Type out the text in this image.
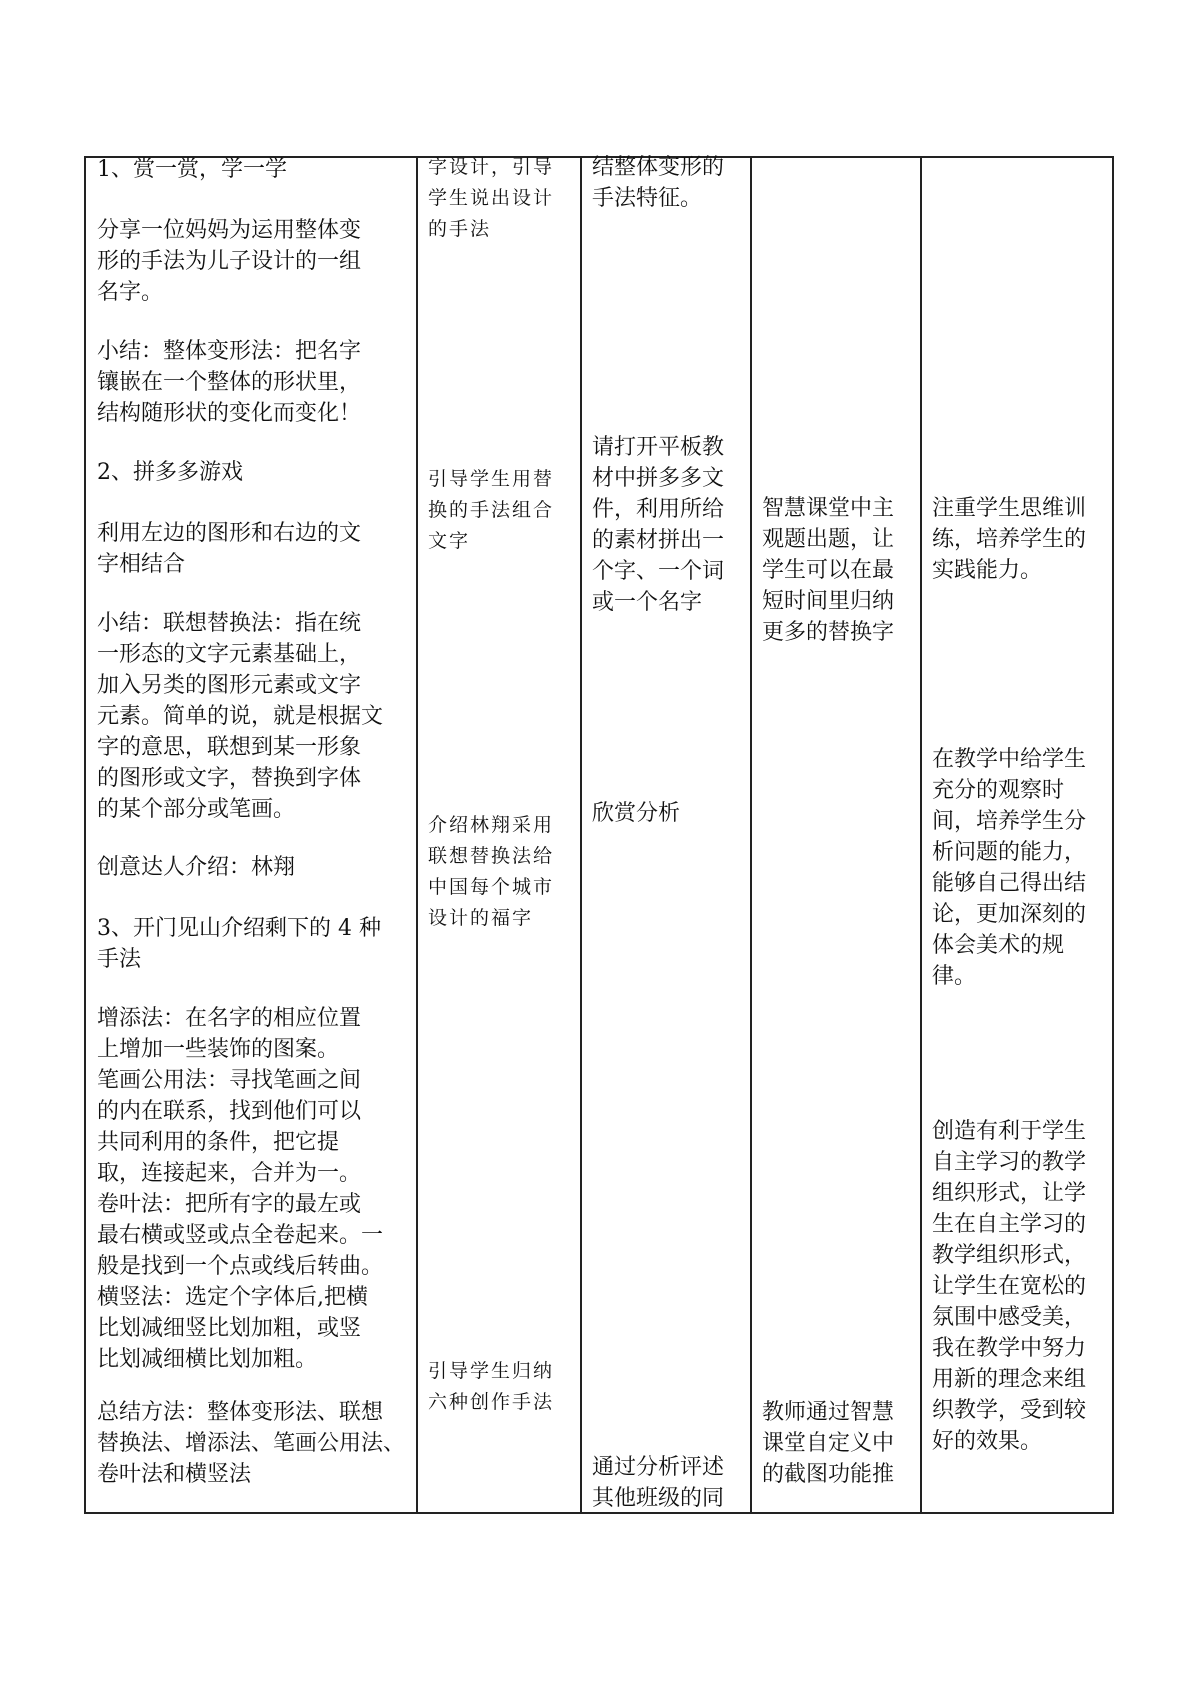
1、赏一赏，学一学

分享一位妈妈为运用整体变
形的手法为儿子设计的一组
名字。

小结：整体变形法：把名字
镶嵌在一个整体的形状里，
结构随形状的变化而变化！

2、拼多多游戏

利用左边的图形和右边的文
字相结合

小结：联想替换法：指在统
一形态的文字元素基础上，
加入另类的图形元素或文字
元素。简单的说，就是根据文
字的意思，联想到某一形象
的图形或文字，替换到字体
的某个部分或笔画。

创意达人介绍：林翔

3、开门见山介绍剩下的 4 种
手法

增添法：在名字的相应位置
上增加一些装饰的图案。
笔画公用法：寻找笔画之间
的内在联系，找到他们可以
共同利用的条件，把它提
取，连接起来，合并为一。
卷叶法：把所有字的最左或
最右横或竖或点全卷起来。一
般是找到一个点或线后转曲。
横竖法：选定个字体后,把横
比划减细竖比划加粗，或竖
比划减细横比划加粗。

总结方法：整体变形法、联想
替换法、增添法、笔画公用法、
卷叶法和横竖法

字设计，引导
学生说出设计
的手法

引导学生用替
换的手法组合
文字

介绍林翔采用
联想替换法给
中国每个城市
设计的福字

引导学生归纳
六种创作手法

结整体变形的
手法特征。

请打开平板教
材中拼多多文
件，利用所给
的素材拼出一
个字、一个词
或一个名字

欣赏分析

通过分析评述
其他班级的同

智慧课堂中主
观题出题，让
学生可以在最
短时间里归纳
更多的替换字

教师通过智慧
课堂自定义中
的截图功能推

注重学生思维训
练，培养学生的
实践能力。

在教学中给学生
充分的观察时
间，培养学生分
析问题的能力，
能够自己得出结
论，更加深刻的
体会美术的规
律。

创造有利于学生
自主学习的教学
组织形式，让学
生在自主学习的
教学组织形式，
让学生在宽松的
氛围中感受美，
我在教学中努力
用新的理念来组
织教学，受到较
好的效果。
